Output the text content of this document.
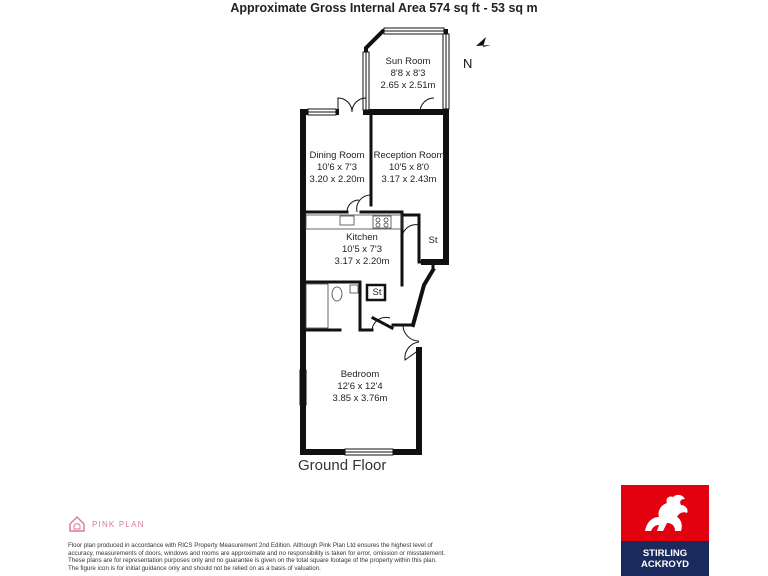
Approximate Gross Internal Area 574 sq ft - 53 sq m
Sun Room
8'8 x 8'3
2.65 x 2.51m
Dining Room
10'6 x 7'3
3.20 x 2.20m
Reception Room
10'5 x 8'0
3.17 x 2.43m
Kitchen
10'5 x 7'3
3.17 x 2.20m
Bedroom
12'6 x 12'4
3.85 x 3.76m
St
St
N
Ground Floor
PINK PLAN
Floor plan produced in accordance with RICS Property Measurement 2nd Edition. Although Pink Plan Ltd ensures the highest level of accuracy, measurements of doors, windows and rooms are approximate and no responsibility is taken for error, omission or misstatement. These plans are for representation purposes only and no guarantee is given on the total square footage of the property within this plan. The figure icon is for initial guidance only and should not be relied on as a basis of valuation.
STIRLING
ACKROYD
